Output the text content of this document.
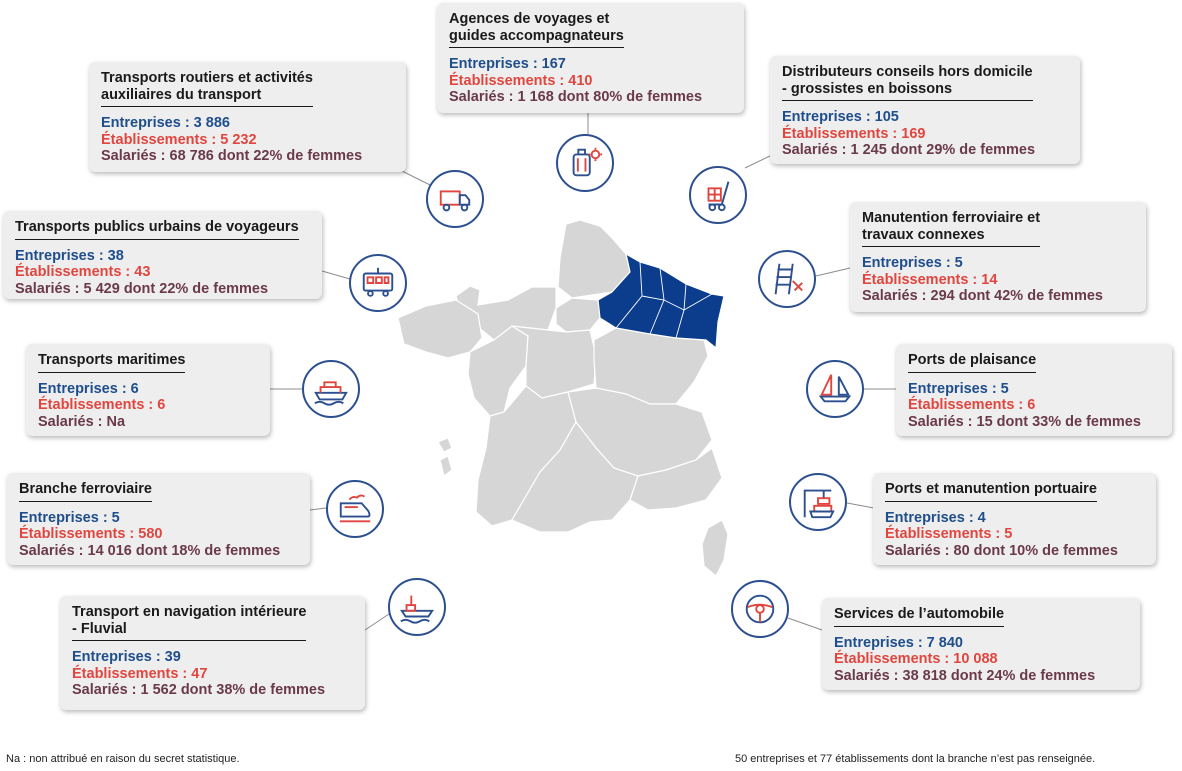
Agences de voyages et
guides accompagnateurs
Entreprises : 167
Établissements : 410
Salariés : 1 168 dont 80% de femmes
Transports routiers et activités
auxiliaires du transport
Entreprises : 3 886
Établissements : 5 232
Salariés : 68 786 dont 22% de femmes
Distributeurs conseils hors domicile
- grossistes en boissons
Entreprises : 105
Établissements : 169
Salariés : 1 245 dont 29% de femmes
Transports publics urbains de voyageurs
Entreprises : 38
Établissements : 43
Salariés : 5 429 dont 22% de femmes
Manutention ferroviaire et
travaux connexes
Entreprises : 5
Établissements : 14
Salariés : 294 dont 42% de femmes
Transports maritimes
Entreprises : 6
Établissements : 6
Salariés : Na
Ports de plaisance
Entreprises : 5
Établissements : 6
Salariés : 15 dont 33% de femmes
Branche ferroviaire
Entreprises : 5
Établissements : 580
Salariés : 14 016 dont 18% de femmes
Ports et manutention portuaire
Entreprises : 4
Établissements : 5
Salariés : 80 dont 10% de femmes
Transport en navigation intérieure
- Fluvial
Entreprises : 39
Établissements : 47
Salariés : 1 562 dont 38% de femmes
Services de l’automobile
Entreprises : 7 840
Établissements : 10 088
Salariés : 38 818 dont 24% de femmes
Na : non attribué en raison du secret statistique.	50 entreprises et 77 établissements dont la branche n’est pas renseignée.
